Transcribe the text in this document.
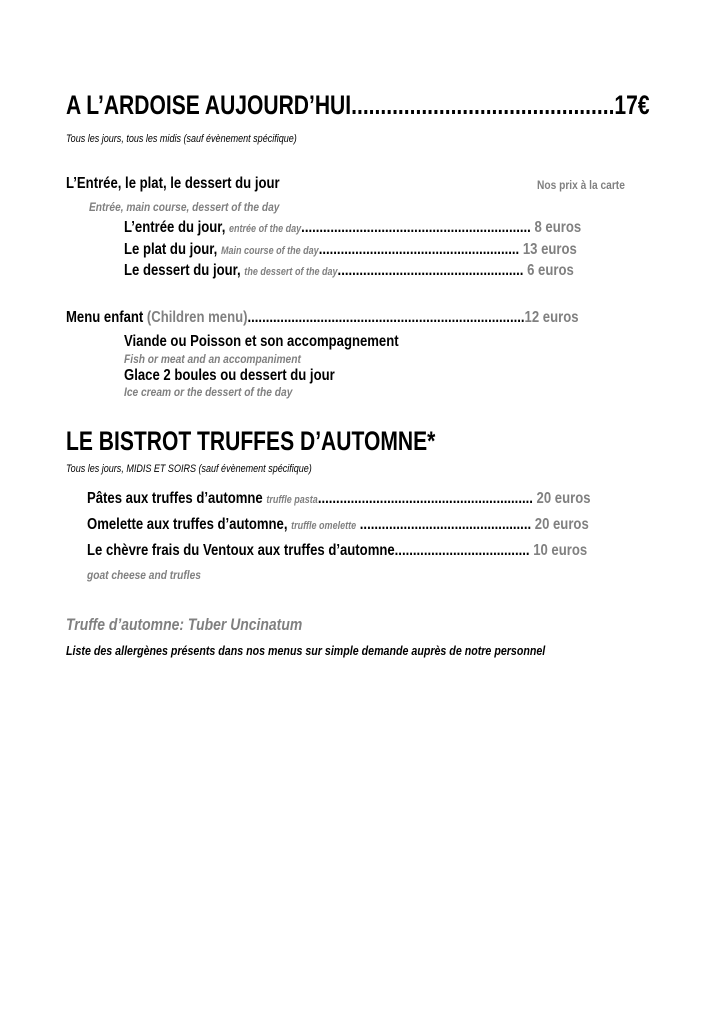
A L’ARDOISE AUJOURD’HUI.............................................17€
Tous les jours, tous les midis (sauf évènement spécifique)
L’Entrée, le plat, le dessert du jour	Nos prix à la carte
Entrée, main course, dessert of the day
L’entrée du jour, entrée of the day............................................................... 8 euros
Le plat du jour, Main course of the day....................................................... 13 euros
Le dessert du jour, the dessert of the day................................................... 6 euros
Menu enfant (Children menu)............................................................................12 euros
Viande ou Poisson et son accompagnement
Fish or meat and an accompaniment
Glace 2 boules ou dessert du jour
Ice cream or the dessert of the day
LE BISTROT TRUFFES D’AUTOMNE*
Tous les jours, MIDIS ET SOIRS (sauf évènement spécifique)
Pâtes aux truffes d’automne truffle pasta........................................................... 20 euros
Omelette aux truffes d’automne, truffle omelette ............................................... 20 euros
Le chèvre frais du Ventoux aux truffes d’automne..................................... 10 euros
goat cheese and trufles
Truffe d’automne: Tuber Uncinatum
Liste des allergènes présents dans nos menus sur simple demande auprès de notre personnel
